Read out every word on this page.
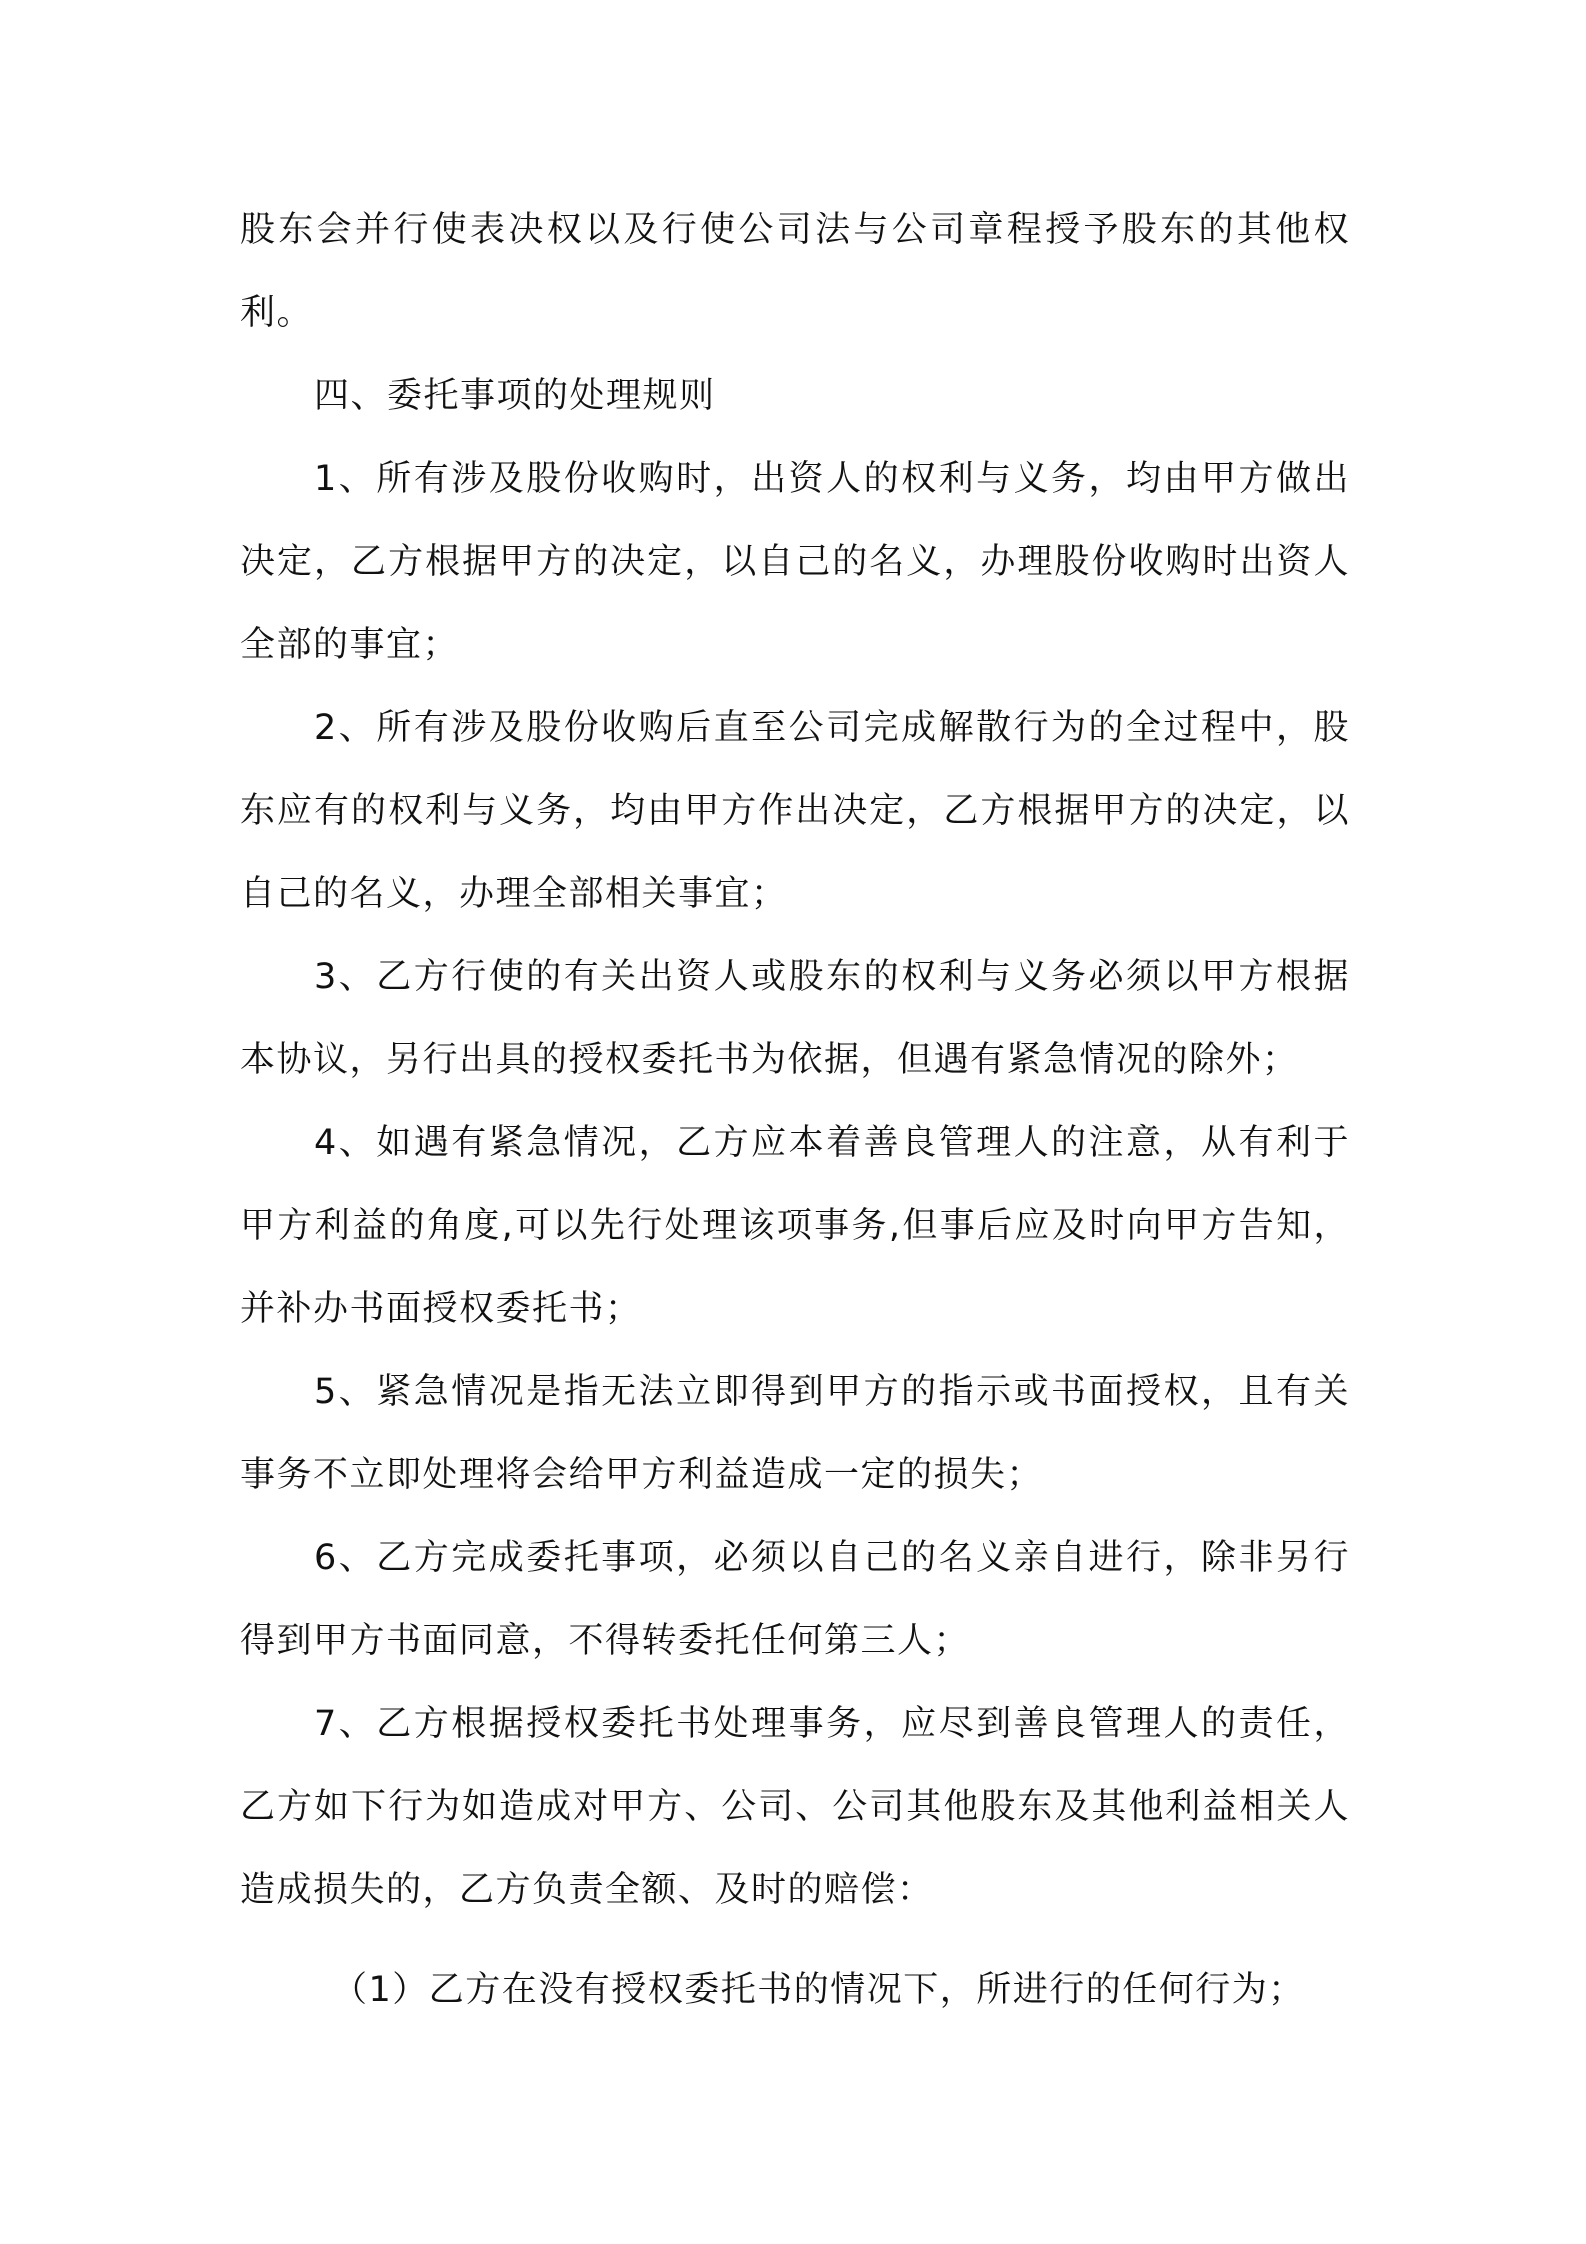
股东会并行使表决权以及行使公司法与公司章程授予股东的其他权
利。
四、委托事项的处理规则
1、所有涉及股份收购时，出资人的权利与义务，均由甲方做出
决定，乙方根据甲方的决定，以自己的名义，办理股份收购时出资人
全部的事宜；
2、所有涉及股份收购后直至公司完成解散行为的全过程中，股
东应有的权利与义务，均由甲方作出决定，乙方根据甲方的决定，以
自己的名义，办理全部相关事宜；
3、乙方行使的有关出资人或股东的权利与义务必须以甲方根据
本协议，另行出具的授权委托书为依据，但遇有紧急情况的除外；
4、如遇有紧急情况，乙方应本着善良管理人的注意，从有利于
甲方利益的角度,可以先行处理该项事务,但事后应及时向甲方告知，
并补办书面授权委托书；
5、紧急情况是指无法立即得到甲方的指示或书面授权，且有关
事务不立即处理将会给甲方利益造成一定的损失；
6、乙方完成委托事项，必须以自己的名义亲自进行，除非另行
得到甲方书面同意，不得转委托任何第三人；
7、乙方根据授权委托书处理事务，应尽到善良管理人的责任，
乙方如下行为如造成对甲方、公司、公司其他股东及其他利益相关人
造成损失的，乙方负责全额、及时的赔偿：
（1）乙方在没有授权委托书的情况下，所进行的任何行为；
